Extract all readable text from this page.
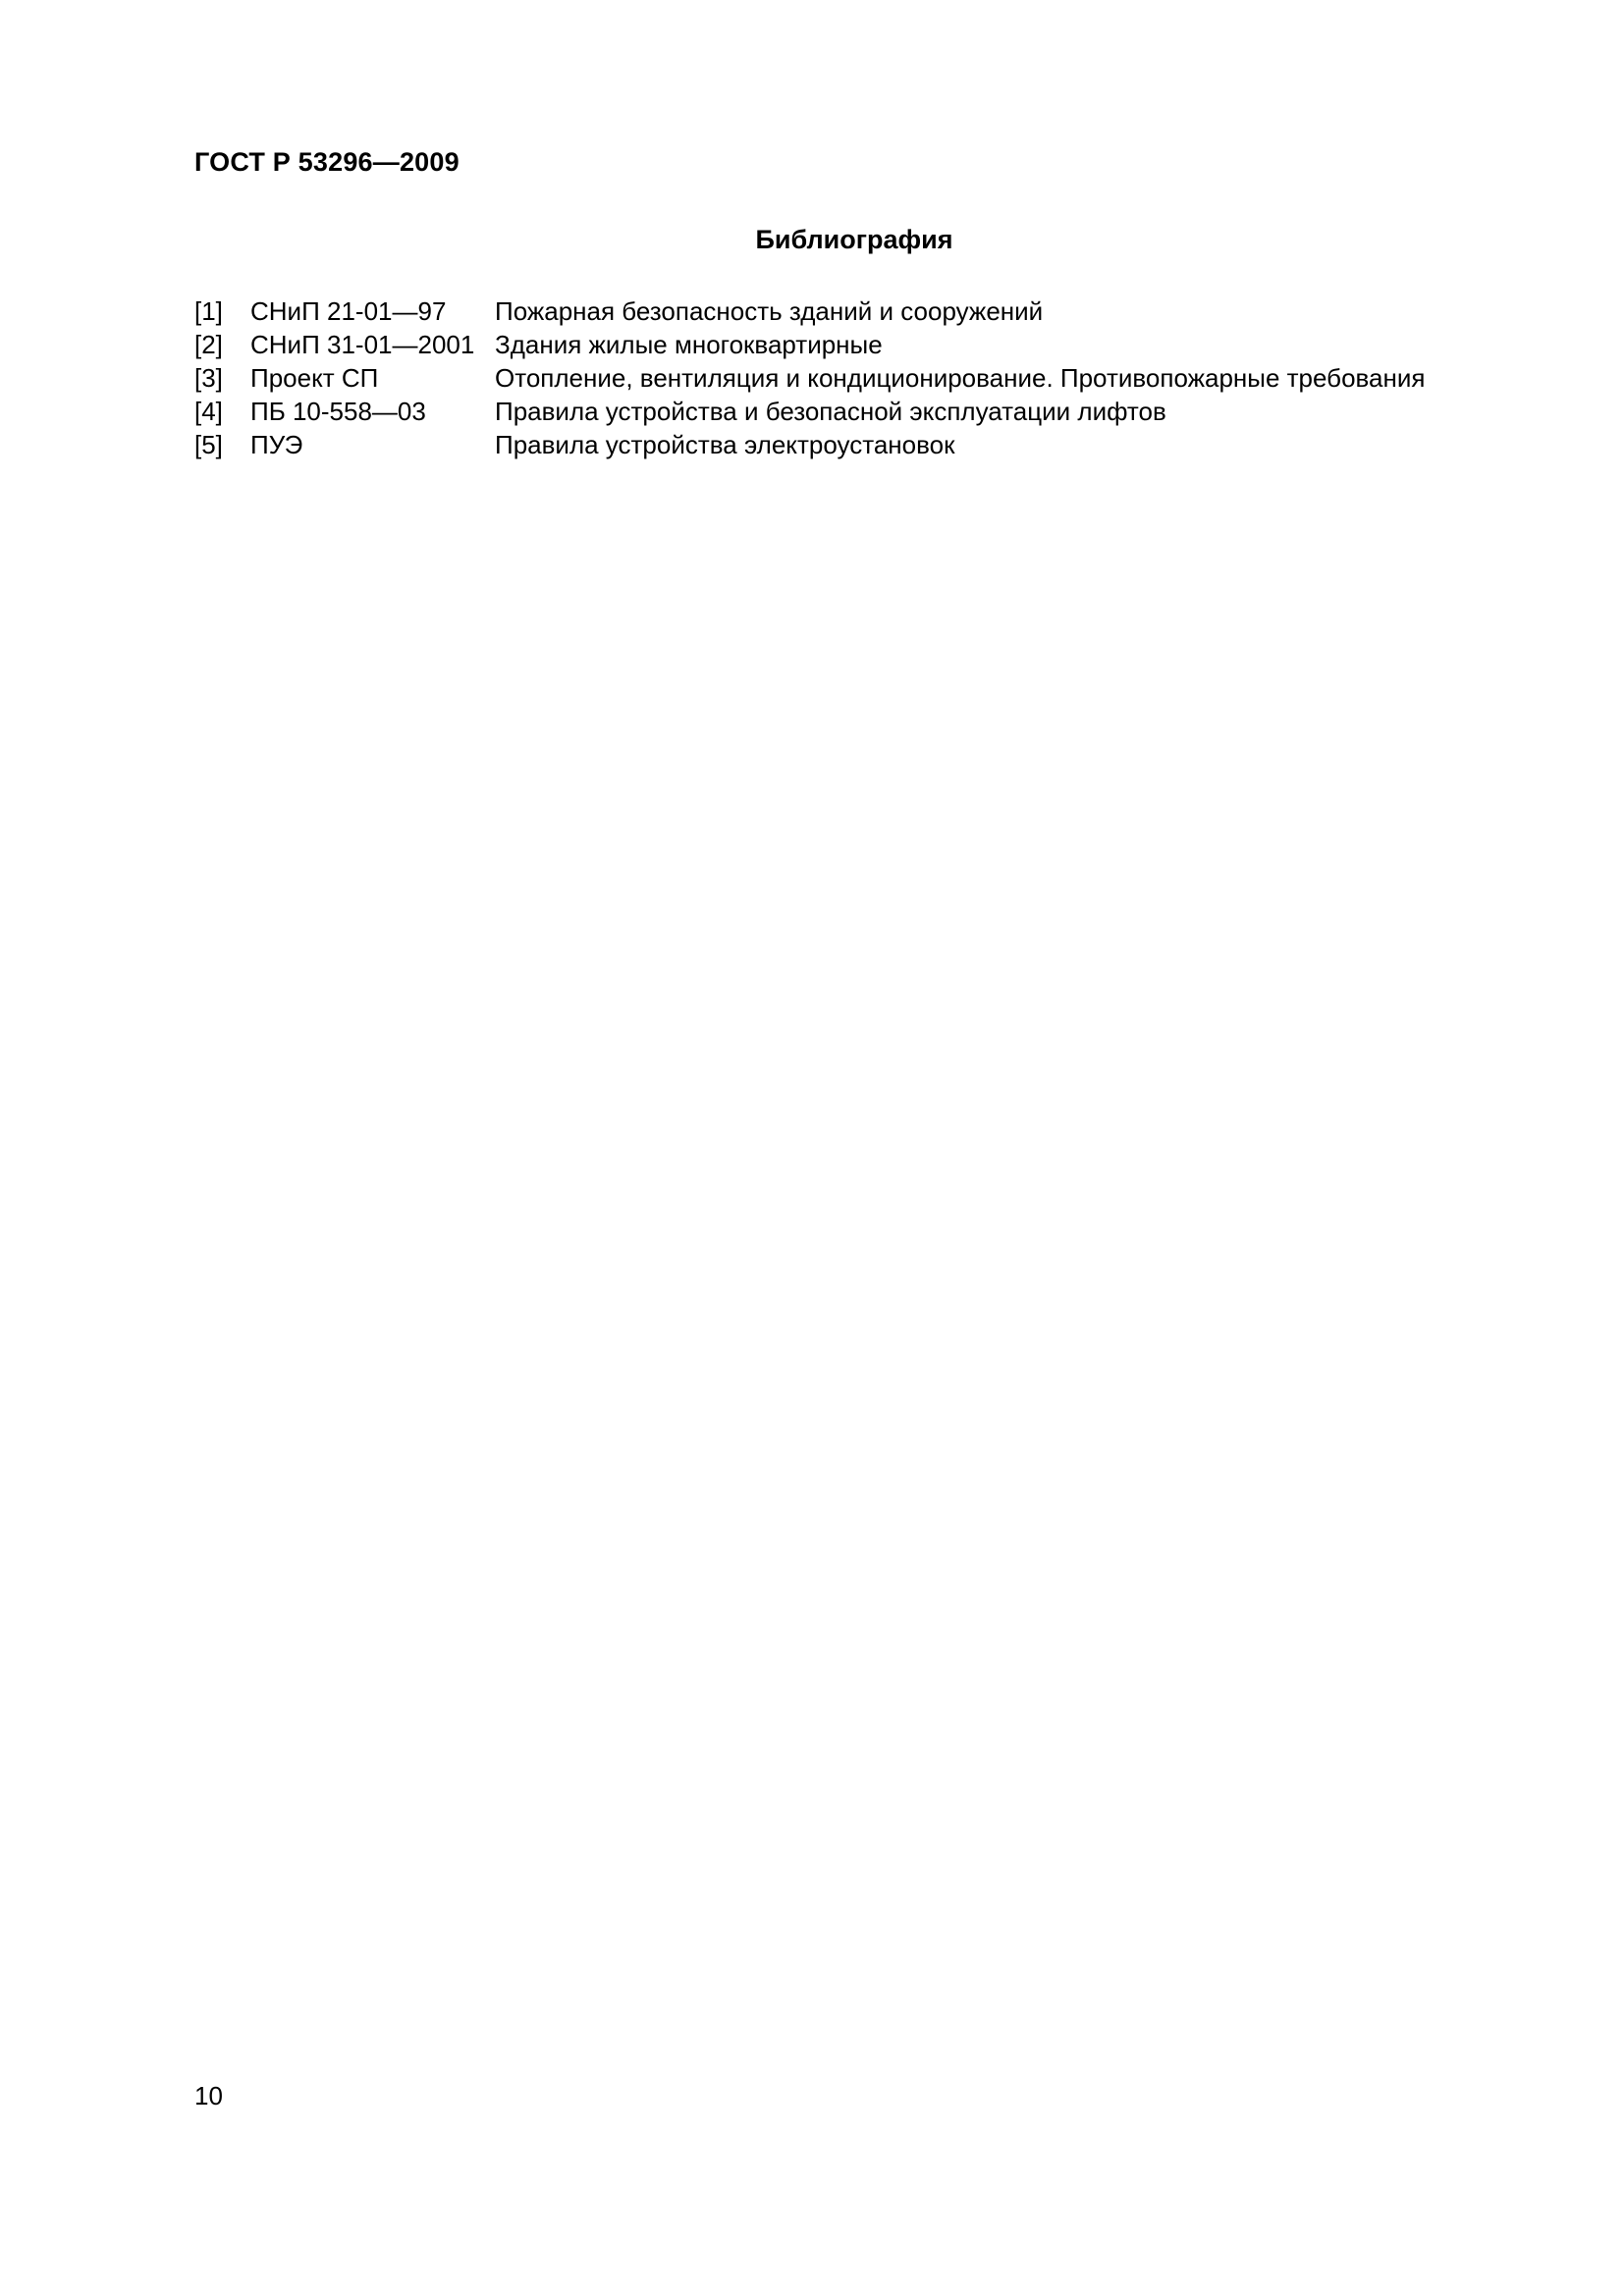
ГОСТ Р 53296—2009
Библиография
[1] СНиП 21-01—97 Пожарная безопасность зданий и сооружений
[2] СНиП 31-01—2001 Здания жилые многоквартирные
[3] Проект СП	Отопление, вентиляция и кондиционирование. Противопожарные требования
[4] ПБ 10-558—03	Правила устройства и безопасной эксплуатации лифтов
[5] ПУЭ	Правила устройства электроустановок
10
